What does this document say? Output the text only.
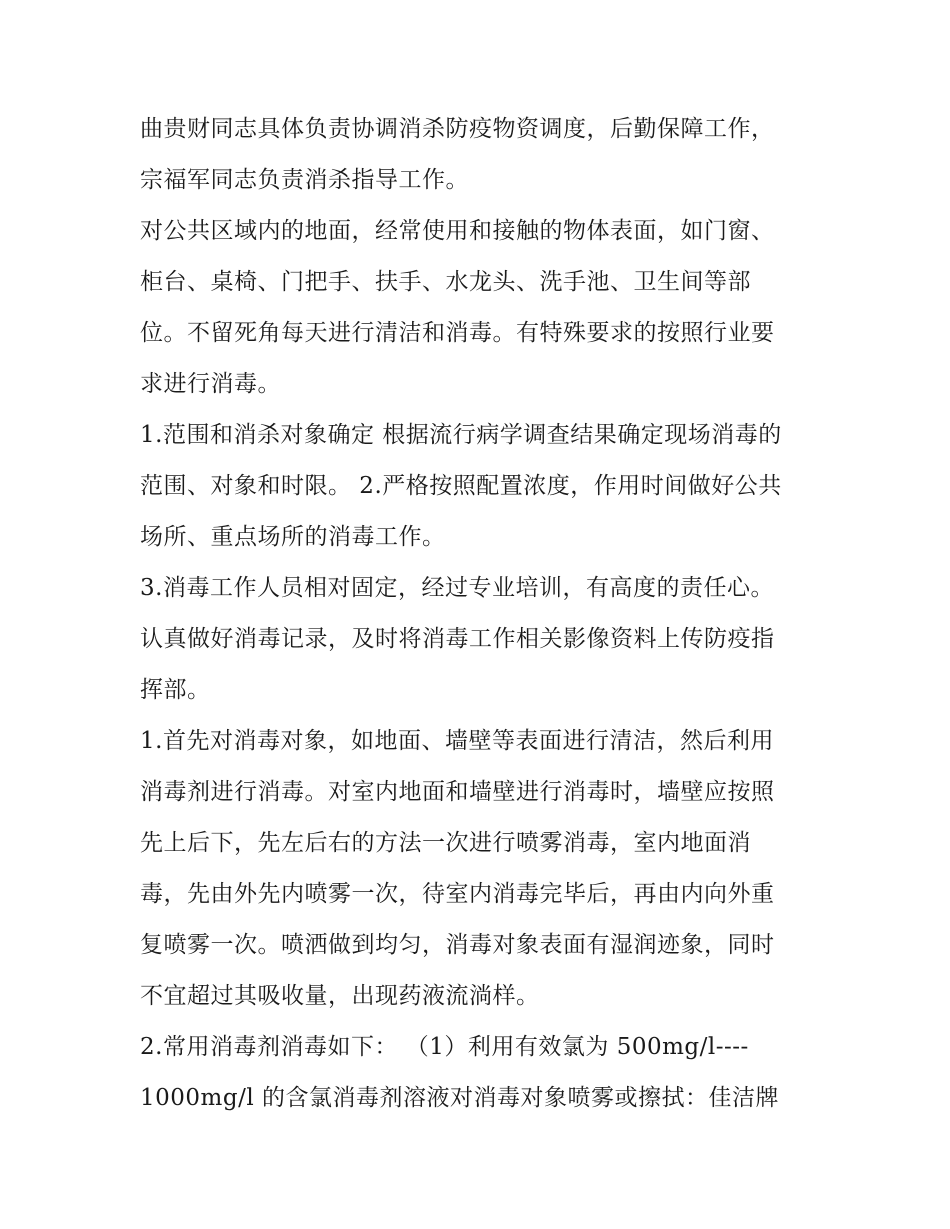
曲贵财同志具体负责协调消杀防疫物资调度，后勤保障工作，
宗福军同志负责消杀指导工作。
对公共区域内的地面，经常使用和接触的物体表面，如门窗、
柜台、桌椅、门把手、扶手、水龙头、洗手池、卫生间等部
位。不留死角每天进行清洁和消毒。有特殊要求的按照行业要
求进行消毒。
1.范围和消杀对象确定 根据流行病学调查结果确定现场消毒的
范围、对象和时限。 2.严格按照配置浓度，作用时间做好公共
场所、重点场所的消毒工作。
3.消毒工作人员相对固定，经过专业培训，有高度的责任心。
认真做好消毒记录，及时将消毒工作相关影像资料上传防疫指
挥部。
1.首先对消毒对象，如地面、墙壁等表面进行清洁，然后利用
消毒剂进行消毒。对室内地面和墙壁进行消毒时，墙壁应按照
先上后下，先左后右的方法一次进行喷雾消毒，室内地面消
毒，先由外先内喷雾一次，待室内消毒完毕后，再由内向外重
复喷雾一次。喷洒做到均匀，消毒对象表面有湿润迹象，同时
不宜超过其吸收量，出现药液流淌样。
2.常用消毒剂消毒如下： （1）利用有效氯为 500mg/l----
1000mg/l 的含氯消毒剂溶液对消毒对象喷雾或擦拭：佳洁牌
